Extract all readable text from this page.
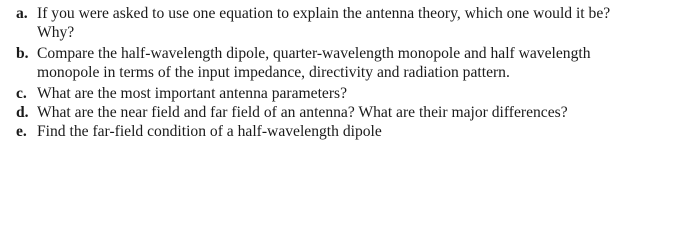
a. If you were asked to use one equation to explain the antenna theory, which one would it be?
Why?
b. Compare the half-wavelength dipole, quarter-wavelength monopole and half wavelength
monopole in terms of the input impedance, directivity and radiation pattern.
c. What are the most important antenna parameters?
d. What are the near field and far field of an antenna? What are their major differences?
e. Find the far-field condition of a half-wavelength dipole
